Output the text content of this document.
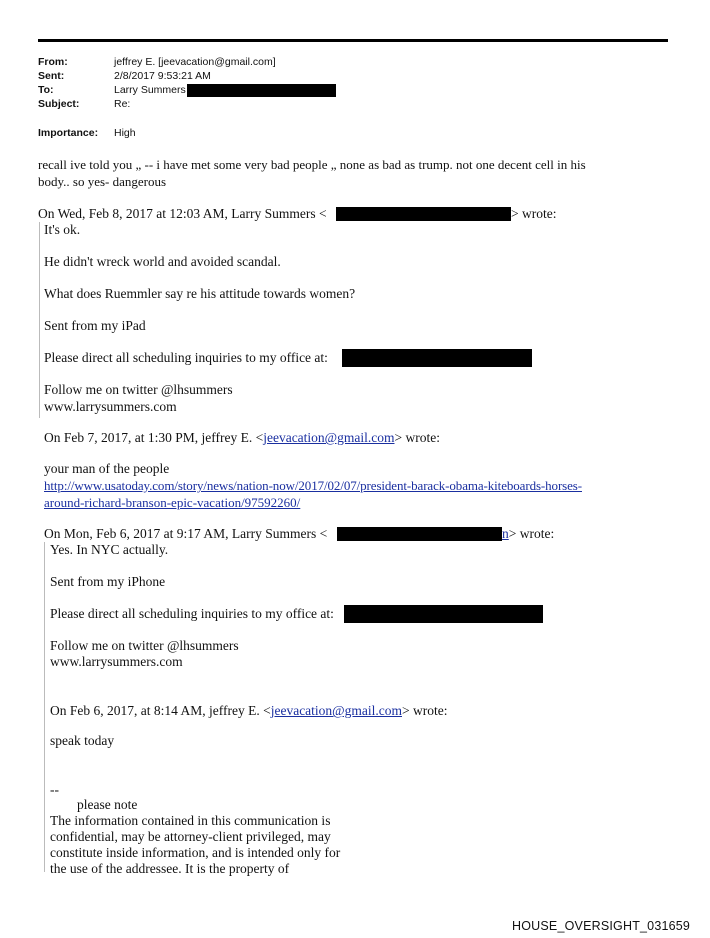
From:	jeffrey E. [jeevacation@gmail.com]
Sent:	2/8/2017 9:53:21 AM
To:	Larry Summers
Subject:	Re:
Importance: High
recall ive told you „ -- i have met some very bad people „ none as bad as trump. not one decent cell in his
body.. so yes- dangerous
On Wed, Feb 8, 2017 at 12:03 AM, Larry Summers <	> wrote:
It's ok.
He didn't wreck world and avoided scandal.
What does Ruemmler say re his attitude towards women?
Sent from my iPad
Please direct all scheduling inquiries to my office at:
Follow me on twitter @lhsummers
www.larrysummers.com
On Feb 7, 2017, at 1:30 PM, jeffrey E. <jeevacation@gmail.com> wrote:
your man of the people
http://www.usatoday.com/story/news/nation-now/2017/02/07/president-barack-obama-kiteboards-horses-
around-richard-branson-epic-vacation/97592260/
On Mon, Feb 6, 2017 at 9:17 AM, Larry Summers <	n> wrote:
Yes. In NYC actually.
Sent from my iPhone
Please direct all scheduling inquiries to my office at:
Follow me on twitter @lhsummers
www.larrysummers.com
On Feb 6, 2017, at 8:14 AM, jeffrey E. <jeevacation@gmail.com> wrote:
speak today
--
please note
The information contained in this communication is
confidential, may be attorney-client privileged, may
constitute inside information, and is intended only for
the use of the addressee. It is the property of
HOUSE_OVERSIGHT_031659
